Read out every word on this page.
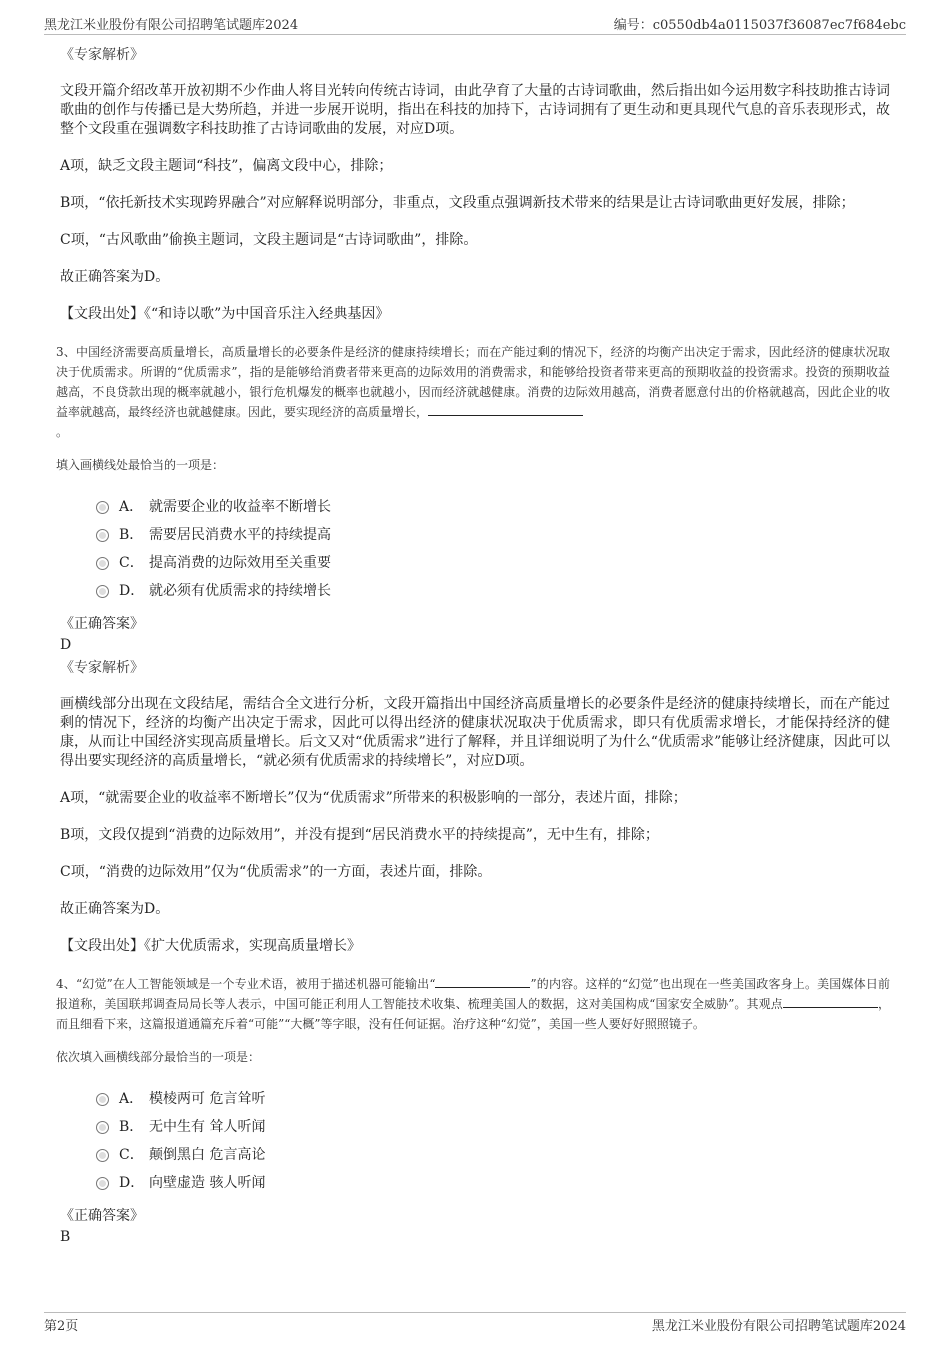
黑龙江米业股份有限公司招聘笔试题库2024	编号：c0550db4a0115037f36087ec7f684ebc
《专家解析》
文段开篇介绍改革开放初期不少作曲人将目光转向传统古诗词，由此孕育了大量的古诗词歌曲，然后指出如今运用数字科技助推古诗词歌曲的创作与传播已是大势所趋，并进一步展开说明，指出在科技的加持下，古诗词拥有了更生动和更具现代气息的音乐表现形式，故整个文段重在强调数字科技助推了古诗词歌曲的发展，对应D项。
A项，缺乏文段主题词“科技”，偏离文段中心，排除；
B项，“依托新技术实现跨界融合”对应解释说明部分，非重点，文段重点强调新技术带来的结果是让古诗词歌曲更好发展，排除；
C项，“古风歌曲”偷换主题词，文段主题词是“古诗词歌曲”，排除。
故正确答案为D。
【文段出处】《“和诗以歌”为中国音乐注入经典基因》
3、中国经济需要高质量增长，高质量增长的必要条件是经济的健康持续增长；而在产能过剩的情况下，经济的均衡产出决定于需求，因此经济的健康状况取决于优质需求。所谓的“优质需求”，指的是能够给消费者带来更高的边际效用的消费需求，和能够给投资者带来更高的预期收益的投资需求。投资的预期收益越高，不良贷款出现的概率就越小，银行危机爆发的概率也就越小，因而经济就越健康。消费的边际效用越高，消费者愿意付出的价格就越高，因此企业的收益率就越高，最终经济也就越健康。因此，要实现经济的高质量增长，
。
填入画横线处最恰当的一项是：
A． 就需要企业的收益率不断增长
B． 需要居民消费水平的持续提高
C． 提高消费的边际效用至关重要
D． 就必须有优质需求的持续增长
《正确答案》
D
《专家解析》
画横线部分出现在文段结尾，需结合全文进行分析，文段开篇指出中国经济高质量增长的必要条件是经济的健康持续增长，而在产能过剩的情况下，经济的均衡产出决定于需求，因此可以得出经济的健康状况取决于优质需求，即只有优质需求增长，才能保持经济的健康，从而让中国经济实现高质量增长。后文又对“优质需求”进行了解释，并且详细说明了为什么“优质需求”能够让经济健康，因此可以得出要实现经济的高质量增长，“就必须有优质需求的持续增长”，对应D项。
A项，“就需要企业的收益率不断增长”仅为“优质需求”所带来的积极影响的一部分，表述片面，排除；
B项，文段仅提到“消费的边际效用”，并没有提到“居民消费水平的持续提高”，无中生有，排除；
C项，“消费的边际效用”仅为“优质需求”的一方面，表述片面，排除。
故正确答案为D。
【文段出处】《扩大优质需求，实现高质量增长》
4、“幻觉”在人工智能领域是一个专业术语，被用于描述机器可能输出“	”的内容。这样的“幻觉”也出现在一些美国政客身上。美国媒体日前报道称，美国联邦调查局局长等人表示，中国可能正利用人工智能技术收集、梳理美国人的数据，这对美国构成“国家安全威胁”。其观点	，而且细看下来，这篇报道通篇充斥着“可能”“大概”等字眼，没有任何证据。治疗这种“幻觉”，美国一些人要好好照照镜子。
依次填入画横线部分最恰当的一项是：
A． 模棱两可 危言耸听
B． 无中生有 耸人听闻
C． 颠倒黑白 危言高论
D． 向壁虚造 骇人听闻
《正确答案》
B
第2页	黑龙江米业股份有限公司招聘笔试题库2024
